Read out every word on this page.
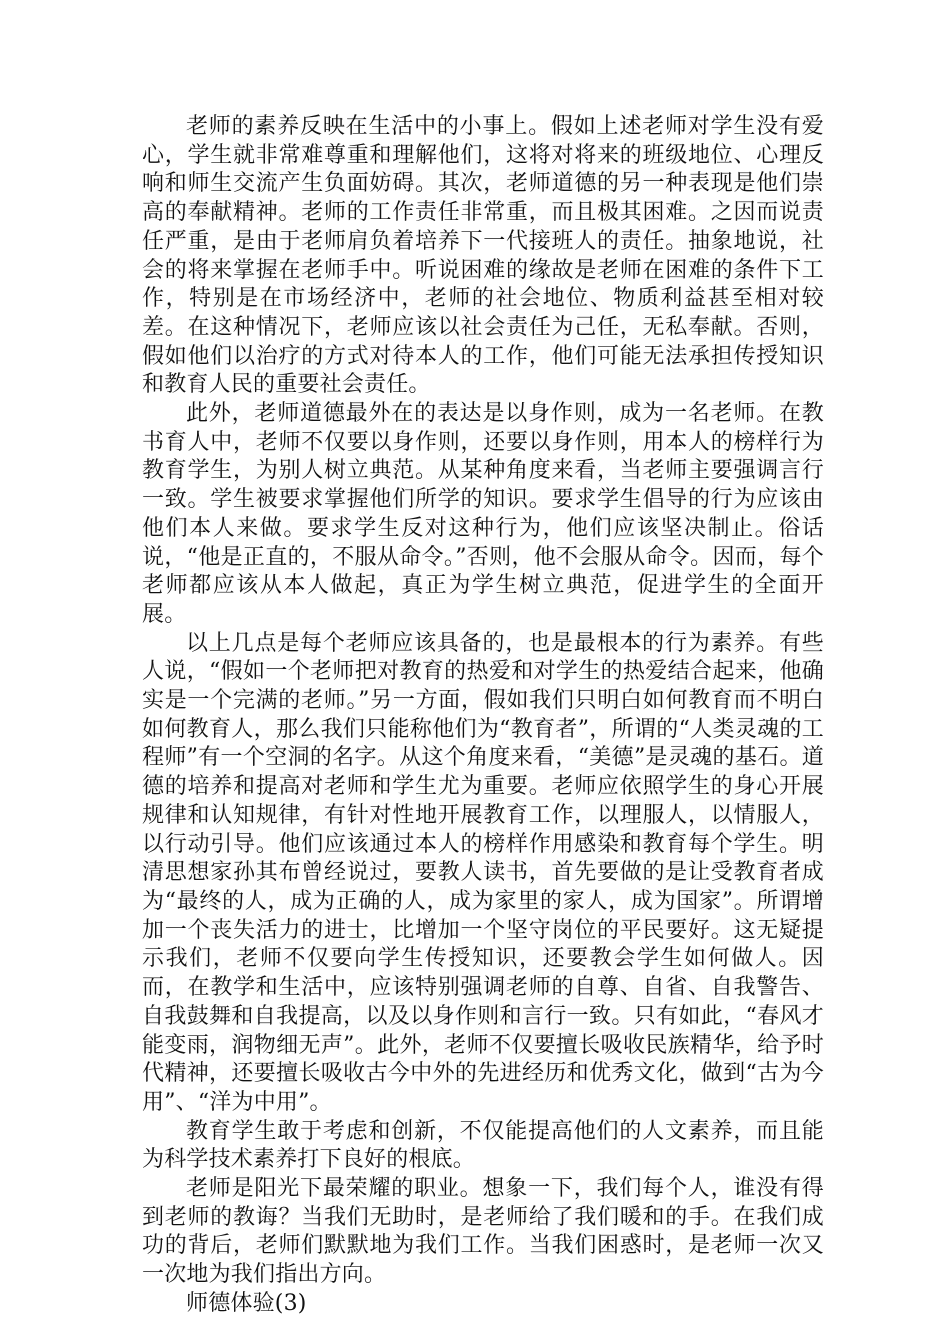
老师的素养反映在生活中的小事上。假如上述老师对学生没有爱心，学生就非常难尊重和理解他们，这将对将来的班级地位、心理反响和师生交流产生负面妨碍。其次，老师道德的另一种表现是他们崇高的奉献精神。老师的工作责任非常重，而且极其困难。之因而说责任严重，是由于老师肩负着培养下一代接班人的责任。抽象地说，社会的将来掌握在老师手中。听说困难的缘故是老师在困难的条件下工作，特别是在市场经济中，老师的社会地位、物质利益甚至相对较差。在这种情况下，老师应该以社会责任为己任，无私奉献。否则，假如他们以治疗的方式对待本人的工作，他们可能无法承担传授知识和教育人民的重要社会责任。

此外，老师道德最外在的表达是以身作则，成为一名老师。在教书育人中，老师不仅要以身作则，还要以身作则，用本人的榜样行为教育学生，为别人树立典范。从某种角度来看，当老师主要强调言行一致。学生被要求掌握他们所学的知识。要求学生倡导的行为应该由他们本人来做。要求学生反对这种行为，他们应该坚决制止。俗话说，“他是正直的，不服从命令。”否则，他不会服从命令。因而，每个老师都应该从本人做起，真正为学生树立典范，促进学生的全面开展。

以上几点是每个老师应该具备的，也是最根本的行为素养。有些人说，“假如一个老师把对教育的热爱和对学生的热爱结合起来，他确实是一个完满的老师。”另一方面，假如我们只明白如何教育而不明白如何教育人，那么我们只能称他们为“教育者”，所谓的“人类灵魂的工程师”有一个空洞的名字。从这个角度来看，“美德”是灵魂的基石。道德的培养和提高对老师和学生尤为重要。老师应依照学生的身心开展规律和认知规律，有针对性地开展教育工作，以理服人，以情服人，以行动引导。他们应该通过本人的榜样作用感染和教育每个学生。明清思想家孙其布曾经说过，要教人读书，首先要做的是让受教育者成为“最终的人，成为正确的人，成为家里的家人，成为国家”。所谓增加一个丧失活力的进士，比增加一个坚守岗位的平民要好。这无疑提示我们，老师不仅要向学生传授知识，还要教会学生如何做人。因而，在教学和生活中，应该特别强调老师的自尊、自省、自我警告、自我鼓舞和自我提高，以及以身作则和言行一致。只有如此，“春风才能变雨，润物细无声”。此外，老师不仅要擅长吸收民族精华，给予时代精神，还要擅长吸收古今中外的先进经历和优秀文化，做到“古为今用”、“洋为中用”。

教育学生敢于考虑和创新，不仅能提高他们的人文素养，而且能为科学技术素养打下良好的根底。

老师是阳光下最荣耀的职业。想象一下，我们每个人，谁没有得到老师的教诲？当我们无助时，是老师给了我们暖和的手。在我们成功的背后，老师们默默地为我们工作。当我们困惑时，是老师一次又一次地为我们指出方向。

师德体验(3)
